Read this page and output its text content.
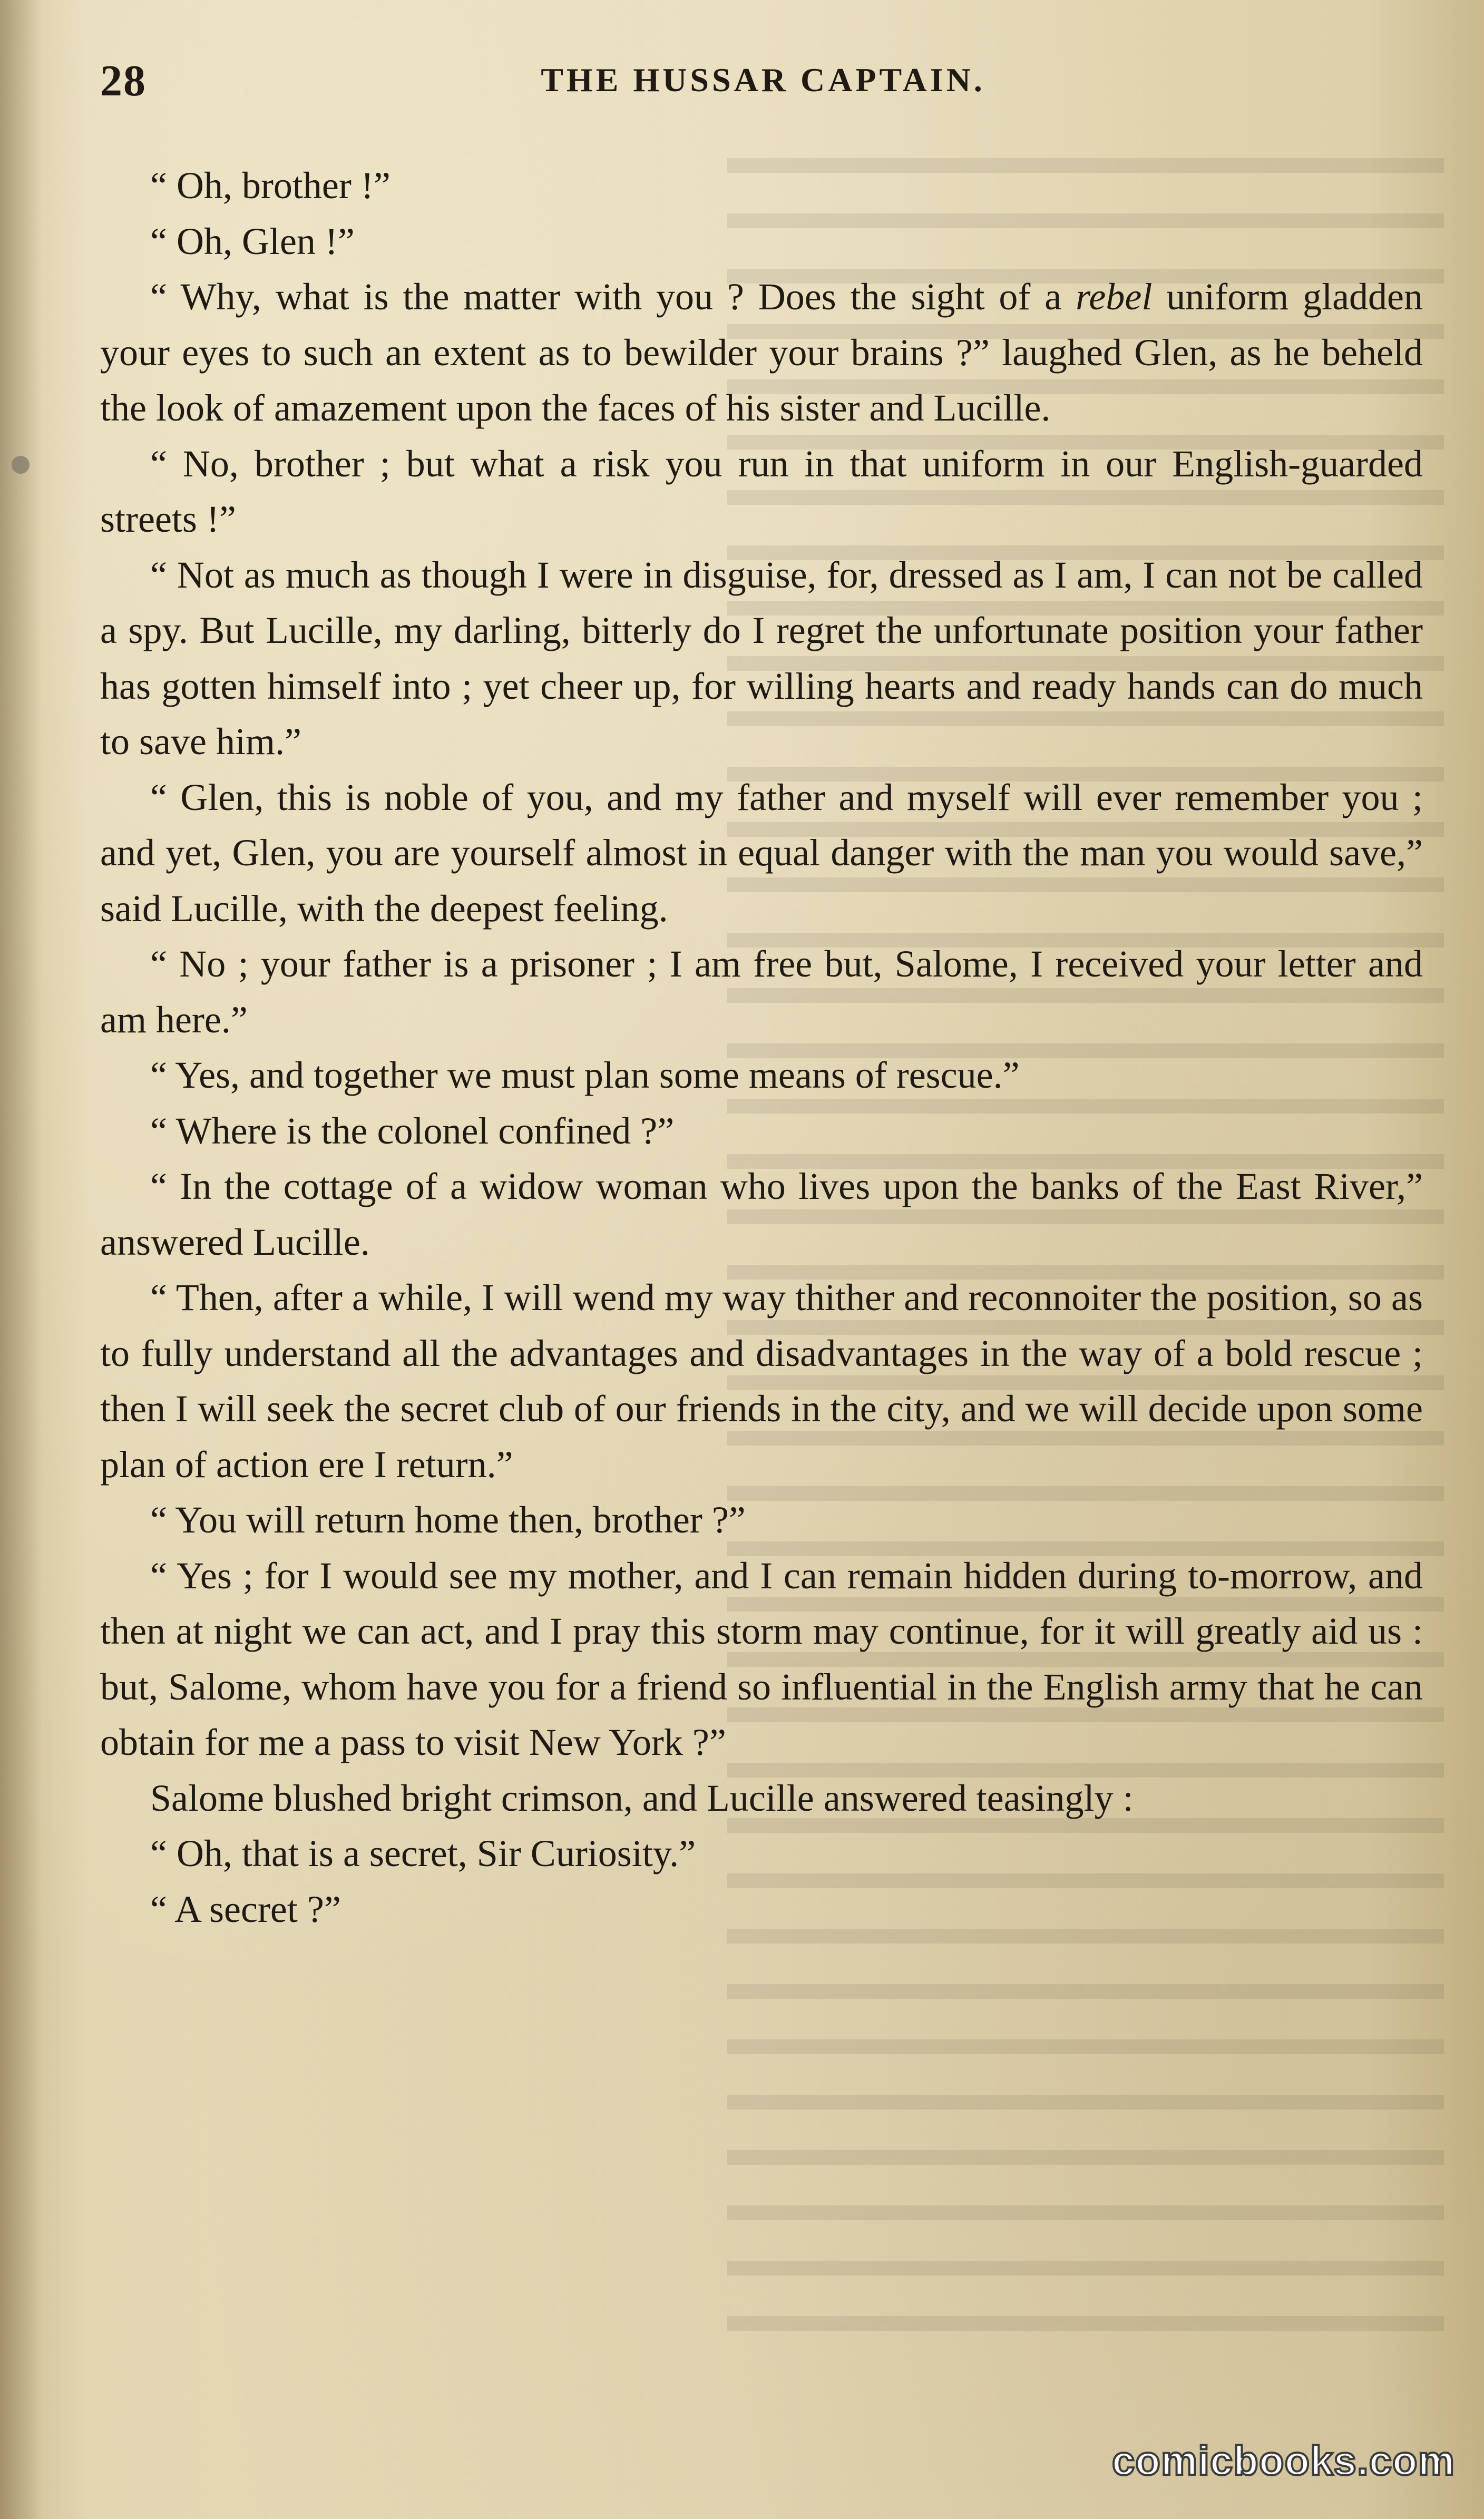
28	THE HUSSAR CAPTAIN.

“ Oh, brother !”

“ Oh, Glen !”

“ Why, what is the matter with you ? Does the sight of a rebel uniform gladden your eyes to such an extent as to bewilder your brains ?” laughed Glen, as he beheld the look of amazement upon the faces of his sister and Lucille.

“ No, brother ; but what a risk you run in that uniform in our English-guarded streets !”

“ Not as much as though I were in disguise, for, dressed as I am, I can not be called a spy. But Lucille, my darling, bitterly do I regret the unfortunate position your father has gotten himself into ; yet cheer up, for willing hearts and ready hands can do much to save him.”

“ Glen, this is noble of you, and my father and myself will ever remember you ; and yet, Glen, you are yourself almost in equal danger with the man you would save,” said Lucille, with the deepest feeling.

“ No ; your father is a prisoner ; I am free but, Salome, I received your letter and am here.”

“ Yes, and together we must plan some means of rescue.”

“ Where is the colonel confined ?”

“ In the cottage of a widow woman who lives upon the banks of the East River,” answered Lucille.

“ Then, after a while, I will wend my way thither and reconnoiter the position, so as to fully understand all the advantages and disadvantages in the way of a bold rescue ; then I will seek the secret club of our friends in the city, and we will decide upon some plan of action ere I return.”

“ You will return home then, brother ?”

“ Yes ; for I would see my mother, and I can remain hidden during to-morrow, and then at night we can act, and I pray this storm may continue, for it will greatly aid us : but, Salome, whom have you for a friend so influential in the English army that he can obtain for me a pass to visit New York ?”

Salome blushed bright crimson, and Lucille answered teasingly :

“ Oh, that is a secret, Sir Curiosity.”

“ A secret ?”

comicbooks.com
